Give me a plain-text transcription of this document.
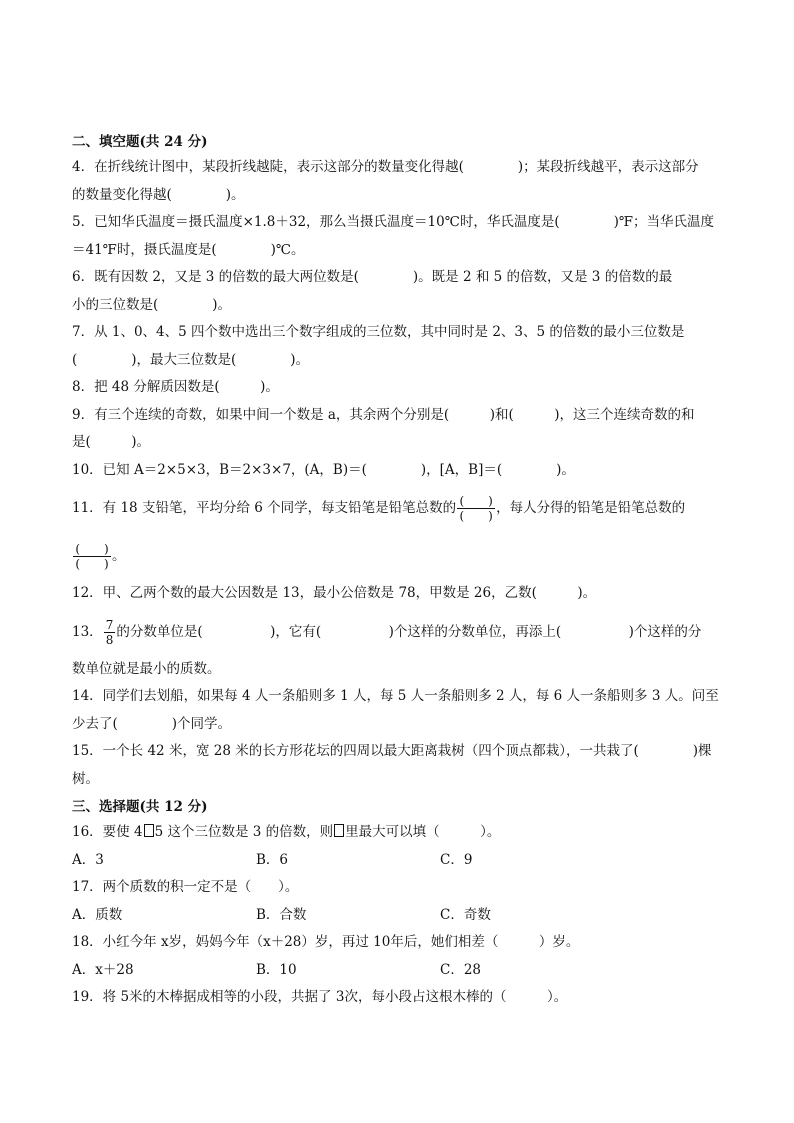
二、填空题(共 24 分)
4．在折线统计图中，某段折线越陡，表示这部分的数量变化得越(　　　　)；某段折线越平，表示这部分
的数量变化得越(　　　　)。
5．已知华氏温度＝摄氏温度×1.8＋32，那么当摄氏温度＝10℃时，华氏温度是(　　　　)℉；当华氏温度
＝41℉时，摄氏温度是(　　　　)℃。
6．既有因数 2，又是 3 的倍数的最大两位数是(　　　　)。既是 2 和 5 的倍数，又是 3 的倍数的最
小的三位数是(　　　　)。
7．从 1、0、4、5 四个数中选出三个数字组成的三位数，其中同时是 2、3、5 的倍数的最小三位数是
(　　　　)，最大三位数是(　　　　)。
8．把 48 分解质因数是(　　　)。
9．有三个连续的奇数，如果中间一个数是 a，其余两个分别是(　　　)和(　　　)，这三个连续奇数的和
是(　　　)。
10．已知 A＝2×5×3，B＝2×3×7，(A，B)＝(　　　　)，[A，B]＝(　　　　)。
11．有 18 支铅笔，平均分给 6 个同学，每支铅笔是铅笔总数的 $\frac{( )}{( )}$ ，每人分得的铅笔是铅笔总数的
$\frac{( )}{( )}$ 。
12．甲、乙两个数的最大公因数是 13，最小公倍数是 78，甲数是 26，乙数(　　　)。
13． $\frac{7}{8}$ 的分数单位是(　　　　　)，它有(　　　　　)个这样的分数单位，再添上(　　　　　)个这样的分
数单位就是最小的质数。
14．同学们去划船，如果每 4 人一条船则多 1 人，每 5 人一条船则多 2 人，每 6 人一条船则多 3 人。问至
少去了(　　　　)个同学。
15．一个长 42 米，宽 28 米的长方形花坛的四周以最大距离栽树（四个顶点都栽），一共栽了(　　　　)棵
树。
三、选择题(共 12 分)
16．要使 4 5 这个三位数是 3 的倍数，则 里最大可以填（　　　）。
A．3	B．6	C．9
17．两个质数的积一定不是（　　）。
A．质数	B．合数	C．奇数
18．小红今年 x岁，妈妈今年（x＋28）岁，再过 10年后，她们相差（　　　）岁。
A．x＋28	B．10	C．28
19．将 5米的木棒据成相等的小段，共据了 3次，每小段占这根木棒的（　　　）。
